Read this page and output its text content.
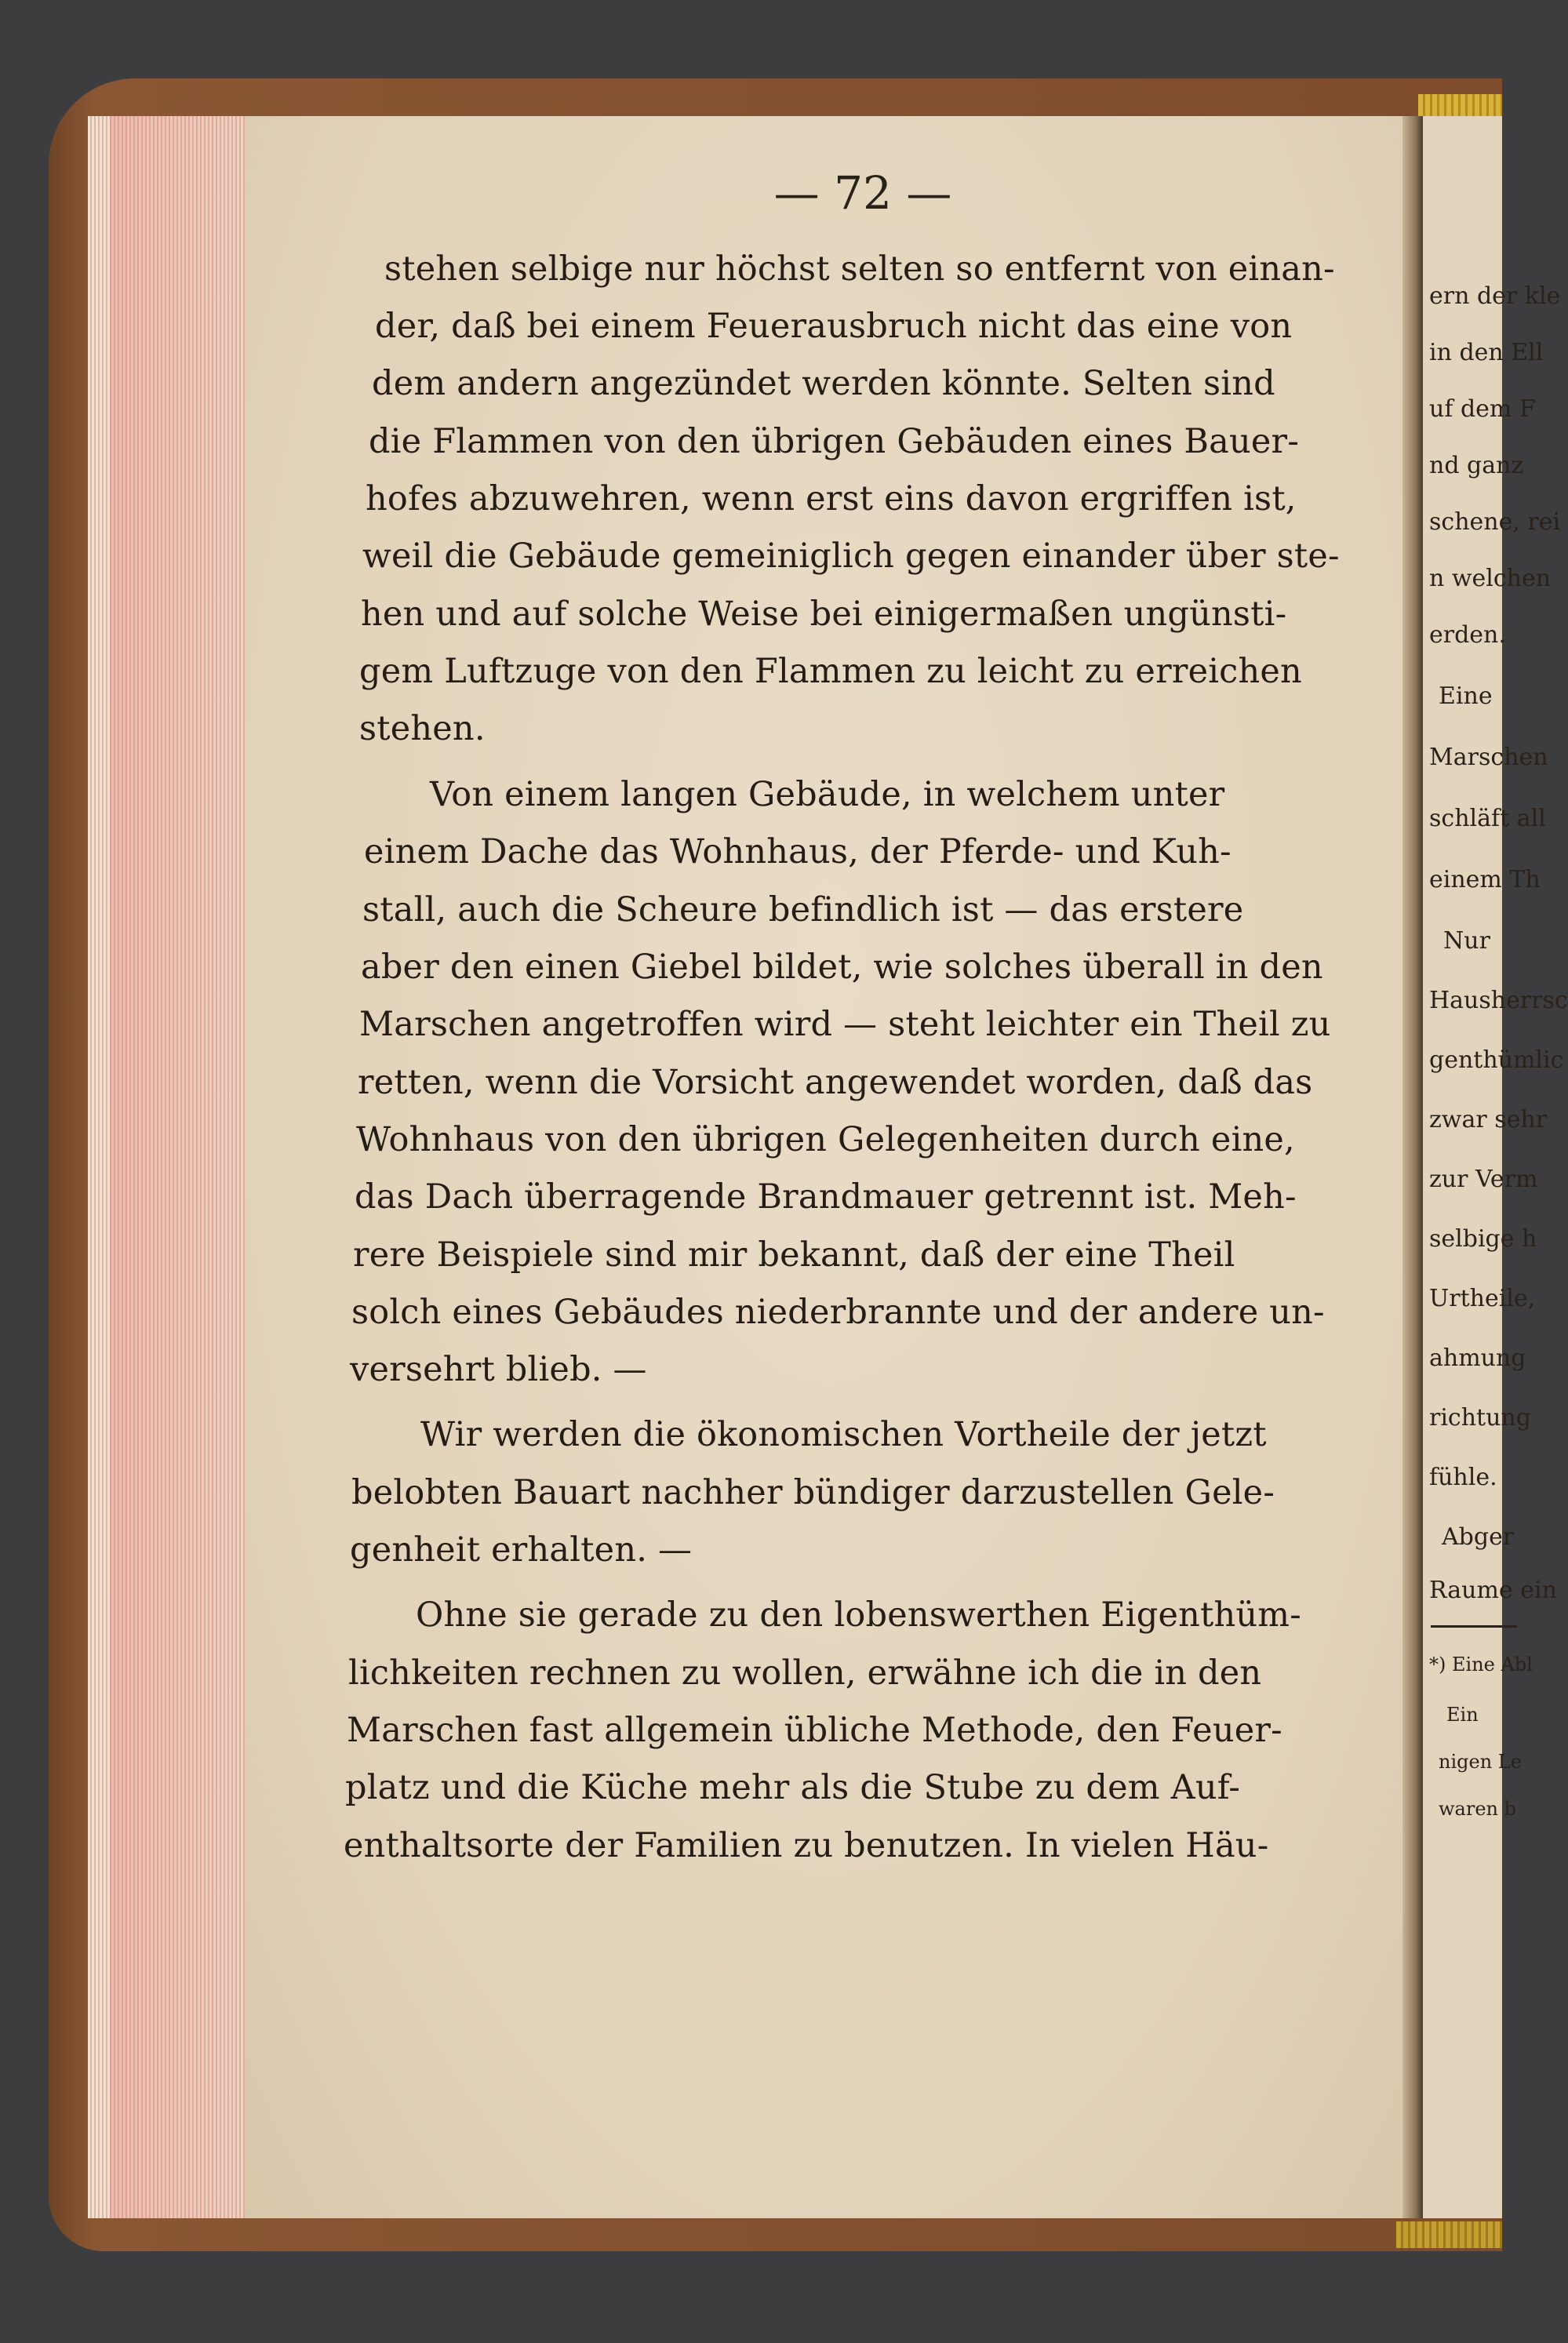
— 72 —
stehen selbige nur höchst selten so entfernt von einan-
der, daß bei einem Feuerausbruch nicht das eine von
dem andern angezündet werden könnte. Selten sind
die Flammen von den übrigen Gebäuden eines Bauer-
hofes abzuwehren, wenn erst eins davon ergriffen ist,
weil die Gebäude gemeiniglich gegen einander über ste-
hen und auf solche Weise bei einigermaßen ungünsti-
gem Luftzuge von den Flammen zu leicht zu erreichen
stehen.
Von einem langen Gebäude, in welchem unter
einem Dache das Wohnhaus, der Pferde- und Kuh-
stall, auch die Scheure befindlich ist — das erstere
aber den einen Giebel bildet, wie solches überall in den
Marschen angetroffen wird — steht leichter ein Theil zu
retten, wenn die Vorsicht angewendet worden, daß das
Wohnhaus von den übrigen Gelegenheiten durch eine,
das Dach überragende Brandmauer getrennt ist. Meh-
rere Beispiele sind mir bekannt, daß der eine Theil
solch eines Gebäudes niederbrannte und der andere un-
versehrt blieb. —
Wir werden die ökonomischen Vortheile der jetzt
belobten Bauart nachher bündiger darzustellen Gele-
genheit erhalten. —
Ohne sie gerade zu den lobenswerthen Eigenthüm-
lichkeiten rechnen zu wollen, erwähne ich die in den
Marschen fast allgemein übliche Methode, den Feuer-
platz und die Küche mehr als die Stube zu dem Auf-
enthaltsorte der Familien zu benutzen. In vielen Häu-
ern der kle
in den Ell
uf dem F
nd ganz
schene, rei
n welchen
erden.
Eine
Marschen
schläft all
einem Th
Nur
Hausherrsc
genthümlic
zwar sehr
zur Verm
selbige h
Urtheile,
ahmung
richtung
fühle.
Abger
Raume ein
*) Eine Abl
Ein
nigen Le
waren b
